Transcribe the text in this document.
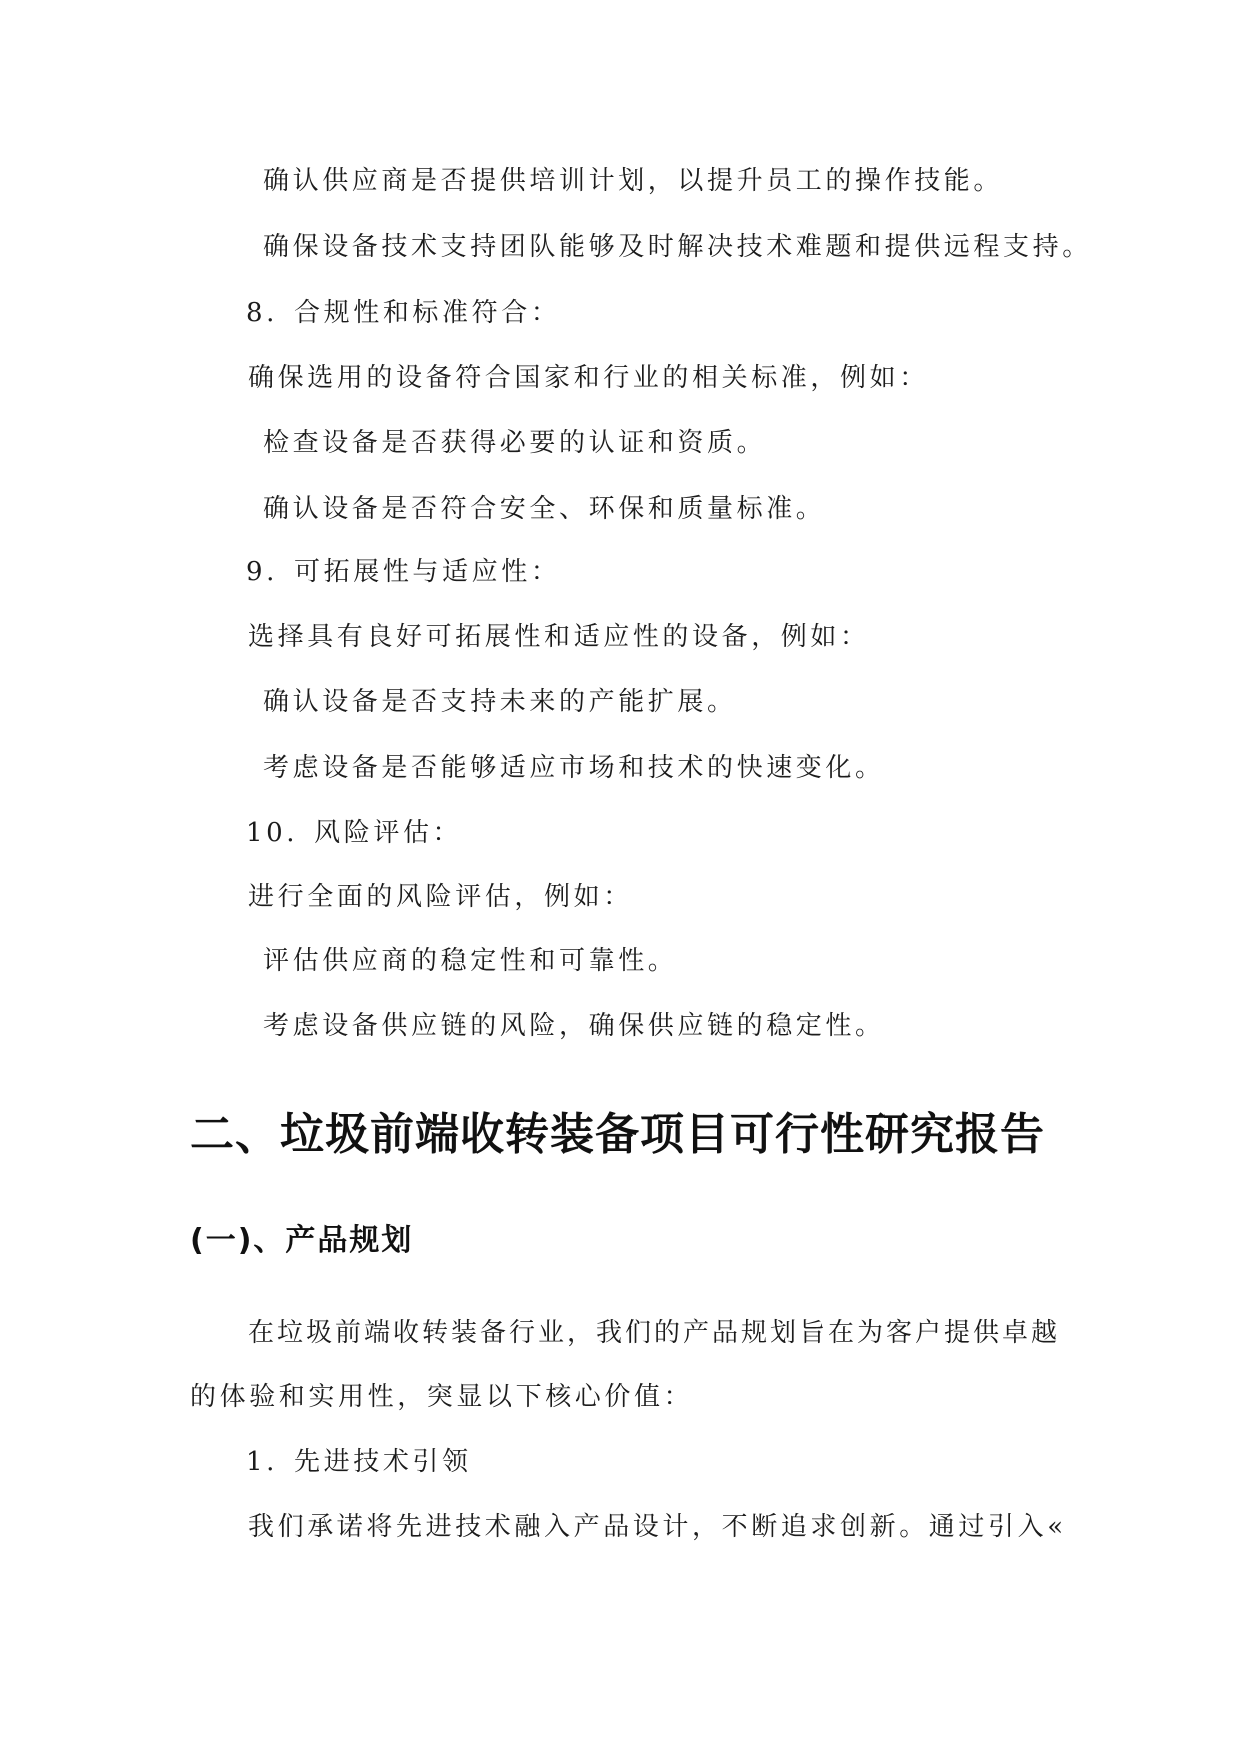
确认供应商是否提供培训计划，以提升员工的操作技能。
确保设备技术支持团队能够及时解决技术难题和提供远程支持。
8. 合规性和标准符合：
确保选用的设备符合国家和行业的相关标准，例如：
检查设备是否获得必要的认证和资质。
确认设备是否符合安全、环保和质量标准。
9. 可拓展性与适应性：
选择具有良好可拓展性和适应性的设备，例如：
确认设备是否支持未来的产能扩展。
考虑设备是否能够适应市场和技术的快速变化。
10. 风险评估：
进行全面的风险评估，例如：
评估供应商的稳定性和可靠性。
考虑设备供应链的风险，确保供应链的稳定性。
二、垃圾前端收转装备项目可行性研究报告
(一)、产品规划
在垃圾前端收转装备行业，我们的产品规划旨在为客户提供卓越
的体验和实用性，突显以下核心价值：
1. 先进技术引领
我们承诺将先进技术融入产品设计，不断追求创新。通过引入«
